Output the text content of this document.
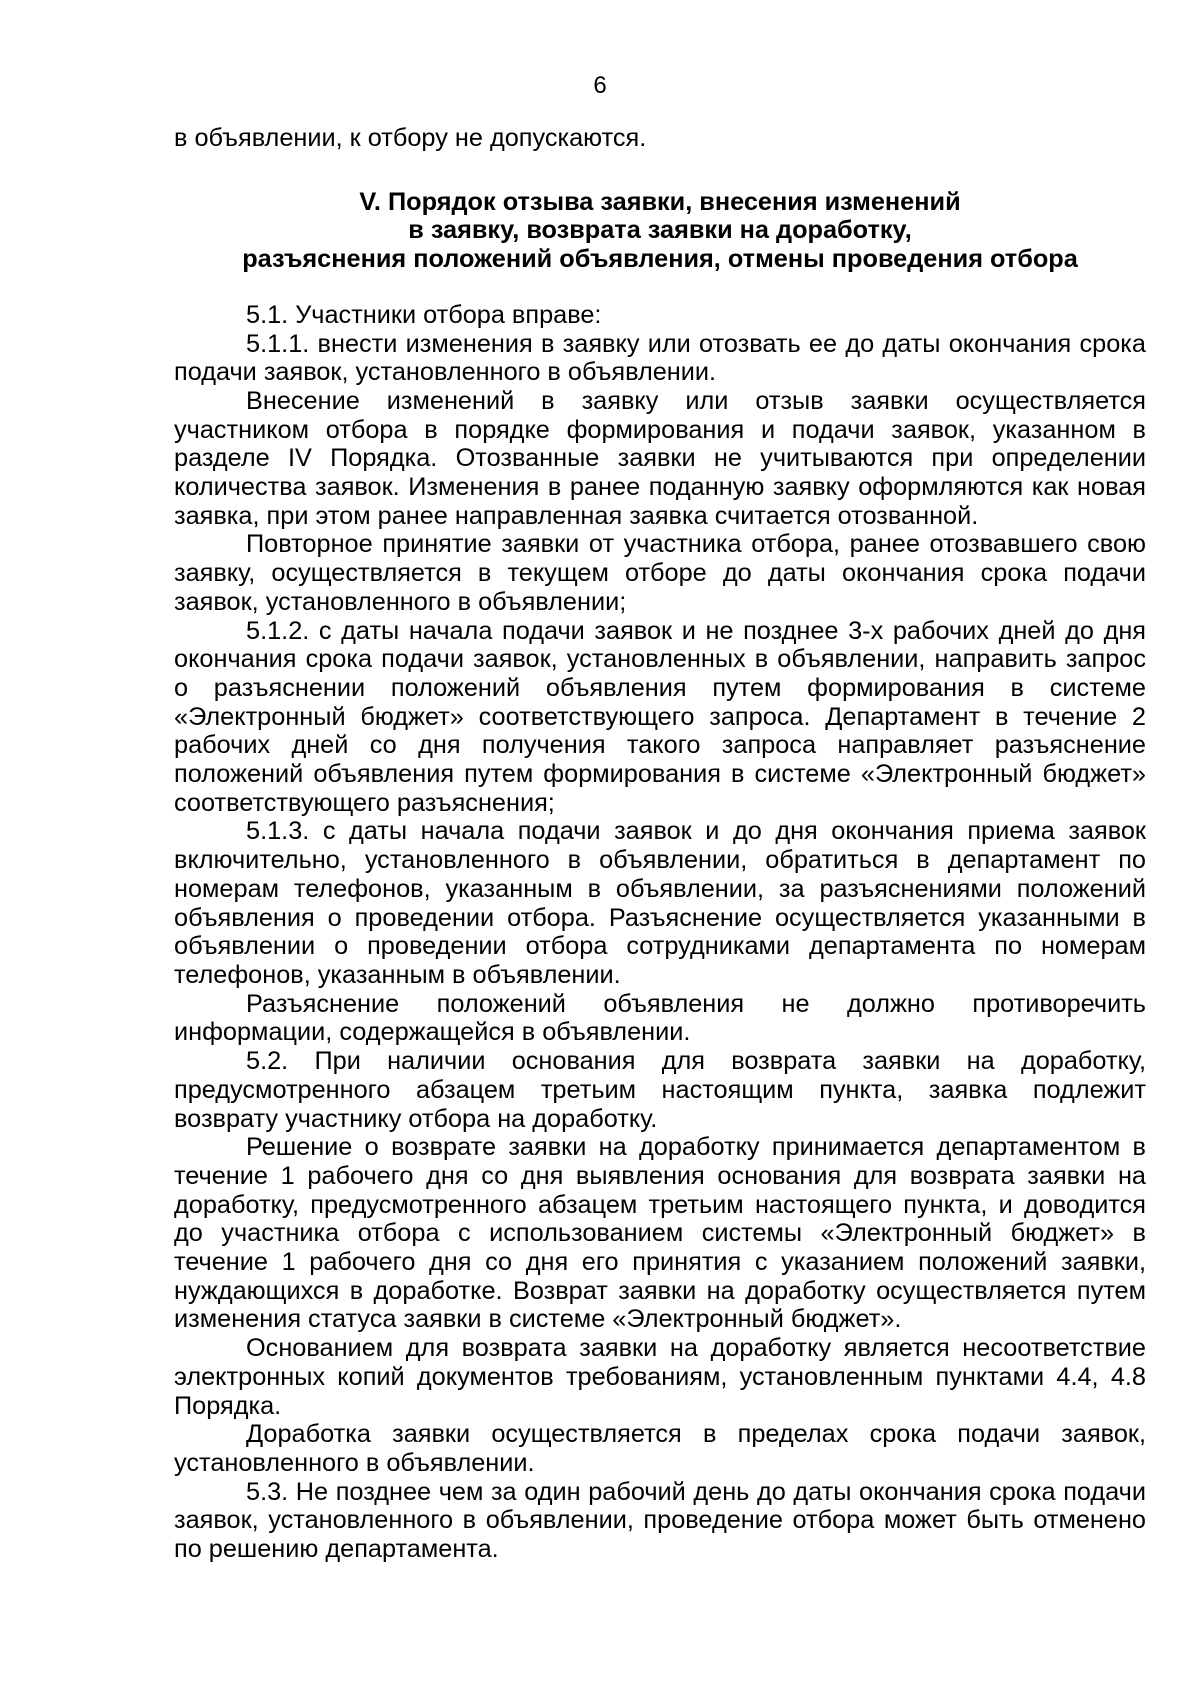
6

в объявлении, к отбору не допускаются.

V. Порядок отзыва заявки, внесения изменений
в заявку, возврата заявки на доработку,
разъяснения положений объявления, отмены проведения отбора

5.1. Участники отбора вправе:

5.1.1. внести изменения в заявку или отозвать ее до даты окончания срока подачи заявок, установленного в объявлении.

Внесение изменений в заявку или отзыв заявки осуществляется участником отбора в порядке формирования и подачи заявок, указанном в разделе IV Порядка. Отозванные заявки не учитываются при определении количества заявок. Изменения в ранее поданную заявку оформляются как новая заявка, при этом ранее направленная заявка считается отозванной.

Повторное принятие заявки от участника отбора, ранее отозвавшего свою заявку, осуществляется в текущем отборе до даты окончания срока подачи заявок, установленного в объявлении;

5.1.2. с даты начала подачи заявок и не позднее 3-х рабочих дней до дня окончания срока подачи заявок, установленных в объявлении, направить запрос о разъяснении положений объявления путем формирования в системе «Электронный бюджет» соответствующего запроса. Департамент в течение 2 рабочих дней со дня получения такого запроса направляет разъяснение положений объявления путем формирования в системе «Электронный бюджет» соответствующего разъяснения;

5.1.3. с даты начала подачи заявок и до дня окончания приема заявок включительно, установленного в объявлении, обратиться в департамент по номерам телефонов, указанным в объявлении, за разъяснениями положений объявления о проведении отбора. Разъяснение осуществляется указанными в объявлении о проведении отбора сотрудниками департамента по номерам телефонов, указанным в объявлении.

Разъяснение положений объявления не должно противоречить информации, содержащейся в объявлении.

5.2. При наличии основания для возврата заявки на доработку, предусмотренного абзацем третьим настоящим пункта, заявка подлежит возврату участнику отбора на доработку.

Решение о возврате заявки на доработку принимается департаментом в течение 1 рабочего дня со дня выявления основания для возврата заявки на доработку, предусмотренного абзацем третьим настоящего пункта, и доводится до участника отбора с использованием системы «Электронный бюджет» в течение 1 рабочего дня со дня его принятия с указанием положений заявки, нуждающихся в доработке. Возврат заявки на доработку осуществляется путем изменения статуса заявки в системе «Электронный бюджет».

Основанием для возврата заявки на доработку является несоответствие электронных копий документов требованиям, установленным пунктами 4.4, 4.8 Порядка.

Доработка заявки осуществляется в пределах срока подачи заявок, установленного в объявлении.

5.3. Не позднее чем за один рабочий день до даты окончания срока подачи заявок, установленного в объявлении, проведение отбора может быть отменено по решению департамента.
